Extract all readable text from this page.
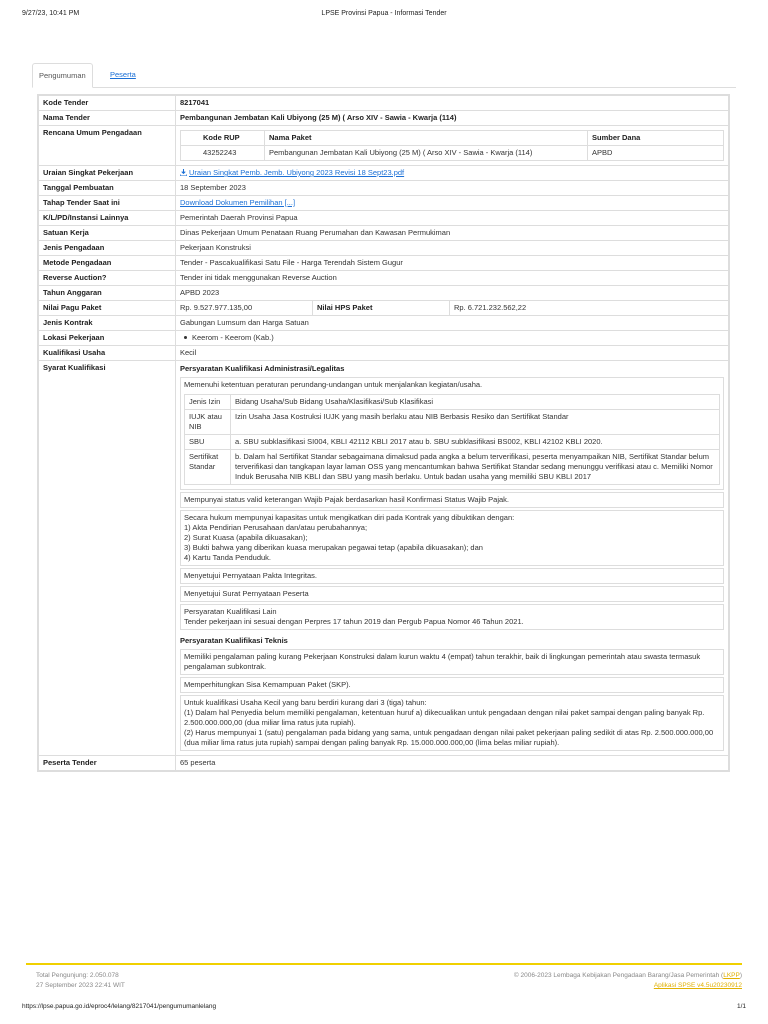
9/27/23, 10:41 PM	LPSE Provinsi Papua - Informasi Tender
Pengumuman	Peserta
Kode Tender	8217041
Nama Tender	Pembangunan Jembatan Kali Ubiyong (25 M) ( Arso XIV - Sawia - Kwarja (114)
Rencana Umum Pengadaan	
Kode RUP	Nama Paket	Sumber Dana
43252243	Pembangunan Jembatan Kali Ubiyong (25 M) ( Arso XIV - Sawia - Kwarja (114)	APBD

Uraian Singkat Pekerjaan	Uraian Singkat Pemb. Jemb. Ubiyong 2023 Revisi 18 Sept23.pdf
Tanggal Pembuatan	18 September 2023
Tahap Tender Saat ini	Download Dokumen Pemilihan [...]
K/L/PD/Instansi Lainnya	Pemerintah Daerah Provinsi Papua
Satuan Kerja	Dinas Pekerjaan Umum Penataan Ruang Perumahan dan Kawasan Permukiman
Jenis Pengadaan	Pekerjaan Konstruksi
Metode Pengadaan	Tender - Pascakualifikasi Satu File - Harga Terendah Sistem Gugur
Reverse Auction?	Tender ini tidak menggunakan Reverse Auction
Tahun Anggaran	APBD 2023
Nilai Pagu Paket	Rp. 9.527.977.135,00	Nilai HPS Paket	Rp. 6.721.232.562,22
Jenis Kontrak	Gabungan Lumsum dan Harga Satuan
Lokasi Pekerjaan	Keerom - Keerom (Kab.)

Kualifikasi Usaha	Kecil
Syarat Kualifikasi	Persyaratan Kualifikasi Administrasi/Legalitas
Memenuhi ketentuan peraturan perundang-undangan untuk menjalankan kegiatan/usaha.
Jenis Izin	Bidang Usaha/Sub Bidang Usaha/Klasifikasi/Sub Klasifikasi
IUJK atau NIB	Izin Usaha Jasa Kostruksi IUJK yang masih berlaku atau NIB Berbasis Resiko dan Sertifikat Standar
SBU	a. SBU subklasifikasi SI004, KBLI 42112 KBLI 2017 atau b. SBU subklasifikasi BS002, KBLI 42102 KBLI 2020.
Sertifikat Standar	b. Dalam hal Sertifikat Standar sebagaimana dimaksud pada angka a belum terverifikasi, peserta menyampaikan NIB, Sertifikat Standar belum terverifikasi dan tangkapan layar laman OSS yang mencantumkan bahwa Sertifikat Standar sedang menunggu verifikasi atau c. Memiliki Nomor Induk Berusaha NIB KBLI dan SBU yang masih berlaku. Untuk badan usaha yang memiliki SBU KBLI 2017
Mempunyai status valid keterangan Wajib Pajak berdasarkan hasil Konfirmasi Status Wajib Pajak.
Secara hukum mempunyai kapasitas untuk mengikatkan diri pada Kontrak yang dibuktikan dengan:
1) Akta Pendirian Perusahaan dan/atau perubahannya;
2) Surat Kuasa (apabila dikuasakan);
3) Bukti bahwa yang diberikan kuasa merupakan pegawai tetap (apabila dikuasakan); dan
4) Kartu Tanda Penduduk.
Menyetujui Pernyataan Pakta Integritas.
Menyetujui Surat Pernyataan Peserta
Persyaratan Kualifikasi Lain
Tender pekerjaan ini sesuai dengan Perpres 17 tahun 2019 dan Pergub Papua Nomor 46 Tahun 2021.
Persyaratan Kualifikasi Teknis
Memiliki pengalaman paling kurang Pekerjaan Konstruksi dalam kurun waktu 4 (empat) tahun terakhir, baik di lingkungan pemerintah atau swasta termasuk pengalaman subkontrak.
Memperhitungkan Sisa Kemampuan Paket (SKP).
Untuk kualifikasi Usaha Kecil yang baru berdiri kurang dari 3 (tiga) tahun:
(1) Dalam hal Penyedia belum memiliki pengalaman, ketentuan huruf a) dikecualikan untuk pengadaan dengan nilai paket sampai dengan paling banyak Rp. 2.500.000.000,00 (dua miliar lima ratus juta rupiah).
(2) Harus mempunyai 1 (satu) pengalaman pada bidang yang sama, untuk pengadaan dengan nilai paket pekerjaan paling sedikit di atas Rp. 2.500.000.000,00 (dua miliar lima ratus juta rupiah) sampai dengan paling banyak Rp. 15.000.000.000,00 (lima belas miliar rupiah).

Peserta Tender	65 peserta
Total Pengunjung: 2.050.078
27 September 2023 22:41 WIT
© 2006-2023 Lembaga Kebijakan Pengadaan Barang/Jasa Pemerintah (LKPP)
Aplikasi SPSE v4.5u20230912
https://lpse.papua.go.id/eproc4/lelang/8217041/pengumumanlelang	1/1
